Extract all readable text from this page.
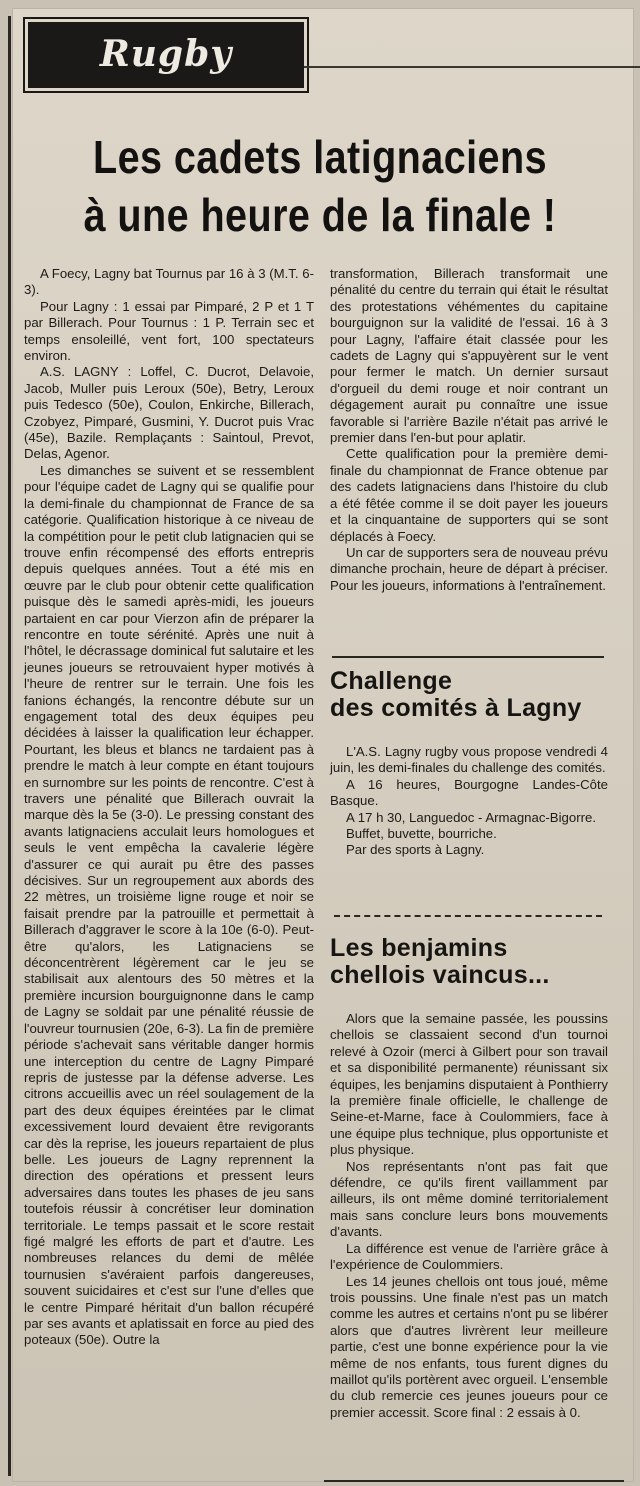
Rugby
Les cadets latignaciens
à une heure de la finale !

A Foecy, Lagny bat Tournus par 16 à 3 (M.T. 6-3).

Pour Lagny : 1 essai par Pimparé, 2 P et 1 T par Billerach. Pour Tournus : 1 P. Terrain sec et temps ensoleillé, vent fort, 100 spectateurs environ.

A.S. LAGNY : Loffel, C. Ducrot, Delavoie, Jacob, Muller puis Leroux (50e), Betry, Leroux puis Tedesco (50e), Coulon, Enkirche, Billerach, Czobyez, Pimparé, Gusmini, Y. Ducrot puis Vrac (45e), Bazile. Remplaçants : Saintoul, Prevot, Delas, Agenor.

Les dimanches se suivent et se ressemblent pour l'équipe cadet de Lagny qui se qualifie pour la demi-finale du championnat de France de sa catégorie. Qualification historique à ce niveau de la compétition pour le petit club latignacien qui se trouve enfin récompensé des efforts entrepris depuis quelques années. Tout a été mis en œuvre par le club pour obtenir cette qualification puisque dès le samedi après-midi, les joueurs partaient en car pour Vierzon afin de préparer la rencontre en toute sérénité. Après une nuit à l'hôtel, le décrassage dominical fut salutaire et les jeunes joueurs se retrouvaient hyper motivés à l'heure de rentrer sur le terrain. Une fois les fanions échangés, la rencontre débute sur un engagement total des deux équipes peu décidées à laisser la qualification leur échapper. Pourtant, les bleus et blancs ne tardaient pas à prendre le match à leur compte en étant toujours en surnombre sur les points de rencontre. C'est à travers une pénalité que Billerach ouvrait la marque dès la 5e (3-0). Le pressing constant des avants latignaciens acculait leurs homologues et seuls le vent empêcha la cavalerie légère d'assurer ce qui aurait pu être des passes décisives. Sur un regroupement aux abords des 22 mètres, un troisième ligne rouge et noir se faisait prendre par la patrouille et permettait à Billerach d'aggraver le score à la 10e (6-0). Peut-être qu'alors, les Latignaciens se déconcentrèrent légèrement car le jeu se stabilisait aux alentours des 50 mètres et la première incursion bourguignonne dans le camp de Lagny se soldait par une pénalité réussie de l'ouvreur tournusien (20e, 6-3). La fin de première période s'achevait sans véritable danger hormis une interception du centre de Lagny Pimparé repris de justesse par la défense adverse. Les citrons accueillis avec un réel soulagement de la part des deux équipes éreintées par le climat excessivement lourd devaient être revigorants car dès la reprise, les joueurs repartaient de plus belle. Les joueurs de Lagny reprennent la direction des opérations et pressent leurs adversaires dans toutes les phases de jeu sans toutefois réussir à concrétiser leur domination territoriale. Le temps passait et le score restait figé malgré les efforts de part et d'autre. Les nombreuses relances du demi de mêlée tournusien s'avéraient parfois dangereuses, souvent suicidaires et c'est sur l'une d'elles que le centre Pimparé héritait d'un ballon récupéré par ses avants et aplatissait en force au pied des poteaux (50e). Outre la

transformation, Billerach transformait une pénalité du centre du terrain qui était le résultat des protestations véhémentes du capitaine bourguignon sur la validité de l'essai. 16 à 3 pour Lagny, l'affaire était classée pour les cadets de Lagny qui s'appuyèrent sur le vent pour fermer le match. Un dernier sursaut d'orgueil du demi rouge et noir contrant un dégagement aurait pu connaître une issue favorable si l'arrière Bazile n'était pas arrivé le premier dans l'en-but pour aplatir.

Cette qualification pour la première demi-finale du championnat de France obtenue par des cadets latignaciens dans l'histoire du club a été fêtée comme il se doit payer les joueurs et la cinquantaine de supporters qui se sont déplacés à Foecy.

Un car de supporters sera de nouveau prévu dimanche prochain, heure de départ à préciser. Pour les joueurs, informations à l'entraînement.

Challenge
des comités à Lagny

L'A.S. Lagny rugby vous propose vendredi 4 juin, les demi-finales du challenge des comités.

A 16 heures, Bourgogne Landes-Côte Basque.

A 17 h 30, Languedoc - Armagnac-Bigorre.

Buffet, buvette, bourriche.

Par des sports à Lagny.

Les benjamins
chellois vaincus...

Alors que la semaine passée, les poussins chellois se classaient second d'un tournoi relevé à Ozoir (merci à Gilbert pour son travail et sa disponibilité permanente) réunissant six équipes, les benjamins disputaient à Ponthierry la première finale officielle, le challenge de Seine-et-Marne, face à Coulommiers, face à une équipe plus technique, plus opportuniste et plus physique.

Nos représentants n'ont pas fait que défendre, ce qu'ils firent vaillamment par ailleurs, ils ont même dominé territorialement mais sans conclure leurs bons mouvements d'avants.

La différence est venue de l'arrière grâce à l'expérience de Coulommiers.

Les 14 jeunes chellois ont tous joué, même trois poussins. Une finale n'est pas un match comme les autres et certains n'ont pu se libérer alors que d'autres livrèrent leur meilleure partie, c'est une bonne expérience pour la vie même de nos enfants, tous furent dignes du maillot qu'ils portèrent avec orgueil. L'ensemble du club remercie ces jeunes joueurs pour ce premier accessit. Score final : 2 essais à 0.
